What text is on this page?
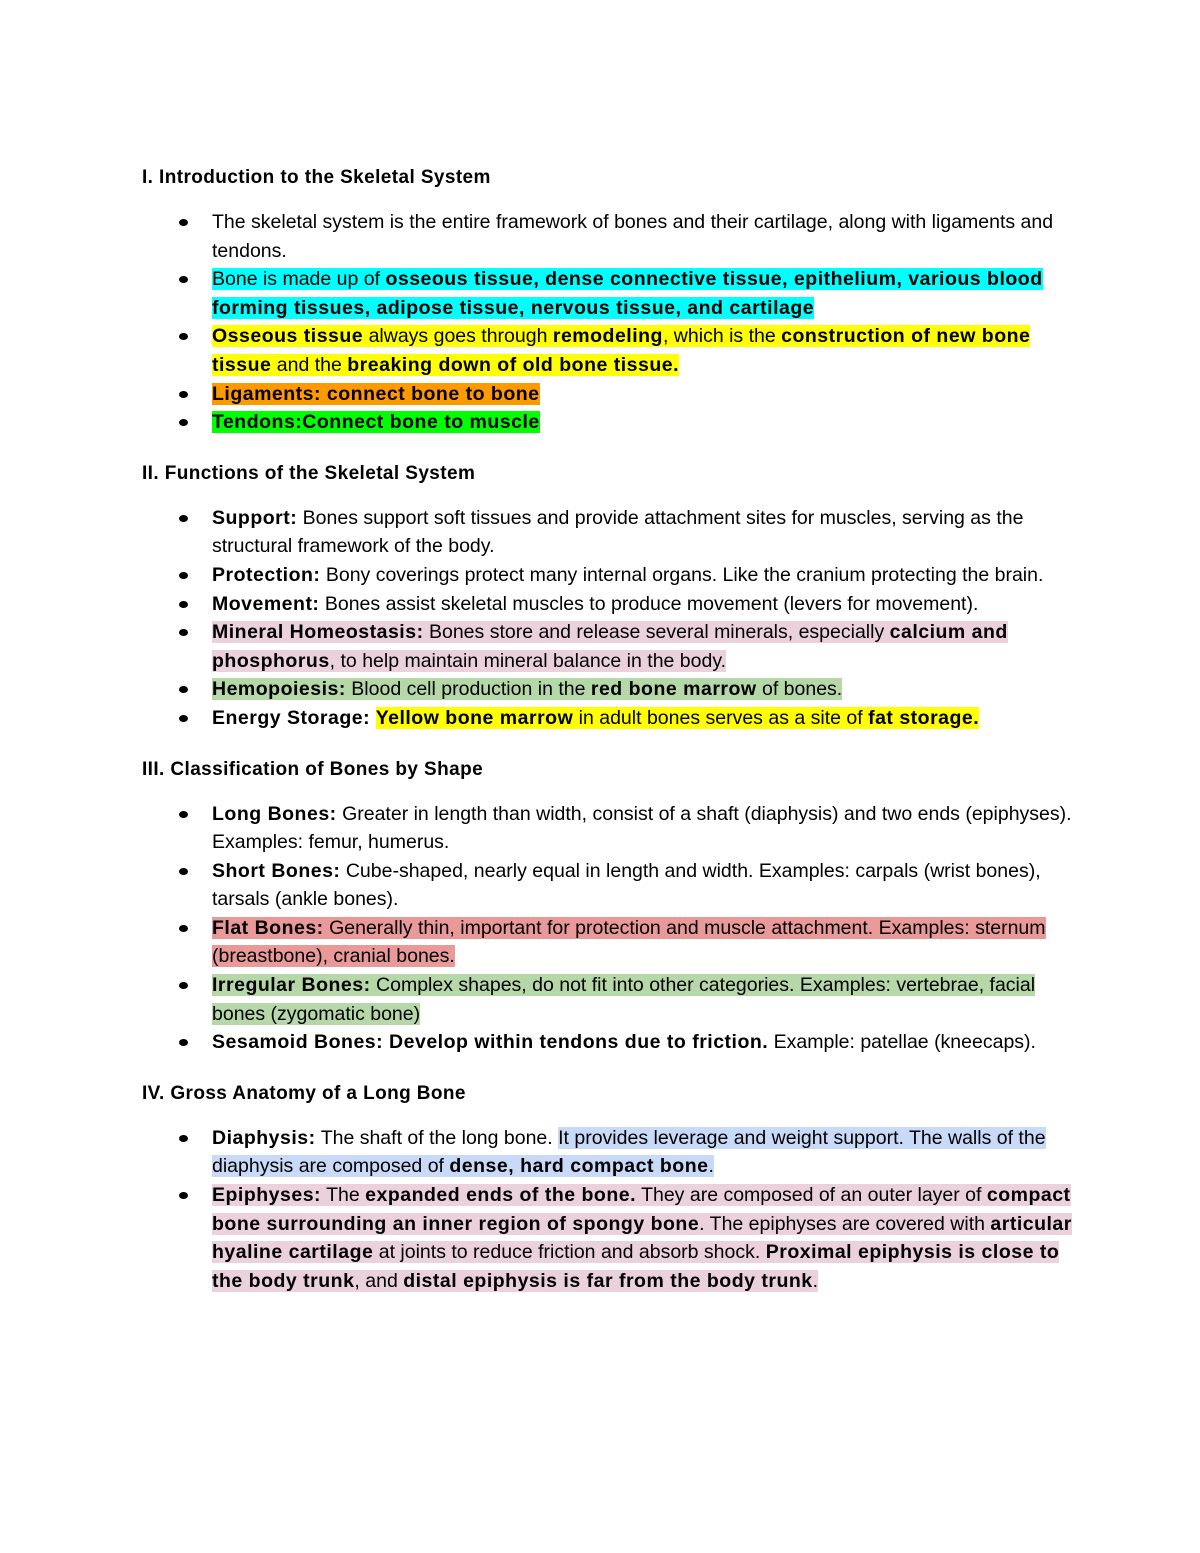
I. Introduction to the Skeletal System
The skeletal system is the entire framework of bones and their cartilage, along with ligaments and tendons.
Bone is made up of osseous tissue, dense connective tissue, epithelium, various blood forming tissues, adipose tissue, nervous tissue, and cartilage
Osseous tissue always goes through remodeling, which is the construction of new bone tissue and the breaking down of old bone tissue.
Ligaments: connect bone to bone
Tendons:Connect bone to muscle
II. Functions of the Skeletal System
Support: Bones support soft tissues and provide attachment sites for muscles, serving as the structural framework of the body.
Protection: Bony coverings protect many internal organs. Like the cranium protecting the brain.
Movement: Bones assist skeletal muscles to produce movement (levers for movement).
Mineral Homeostasis: Bones store and release several minerals, especially calcium and phosphorus, to help maintain mineral balance in the body.
Hemopoiesis: Blood cell production in the red bone marrow of bones.
Energy Storage: Yellow bone marrow in adult bones serves as a site of fat storage.
III. Classification of Bones by Shape
Long Bones: Greater in length than width, consist of a shaft (diaphysis) and two ends (epiphyses). Examples: femur, humerus.
Short Bones: Cube-shaped, nearly equal in length and width. Examples: carpals (wrist bones), tarsals (ankle bones).
Flat Bones: Generally thin, important for protection and muscle attachment. Examples: sternum (breastbone), cranial bones.
Irregular Bones: Complex shapes, do not fit into other categories. Examples: vertebrae, facial bones (zygomatic bone)
Sesamoid Bones: Develop within tendons due to friction. Example: patellae (kneecaps).
IV. Gross Anatomy of a Long Bone
Diaphysis: The shaft of the long bone. It provides leverage and weight support. The walls of the diaphysis are composed of dense, hard compact bone.
Epiphyses: The expanded ends of the bone. They are composed of an outer layer of compact bone surrounding an inner region of spongy bone. The epiphyses are covered with articular hyaline cartilage at joints to reduce friction and absorb shock. Proximal epiphysis is close to the body trunk, and distal epiphysis is far from the body trunk.
